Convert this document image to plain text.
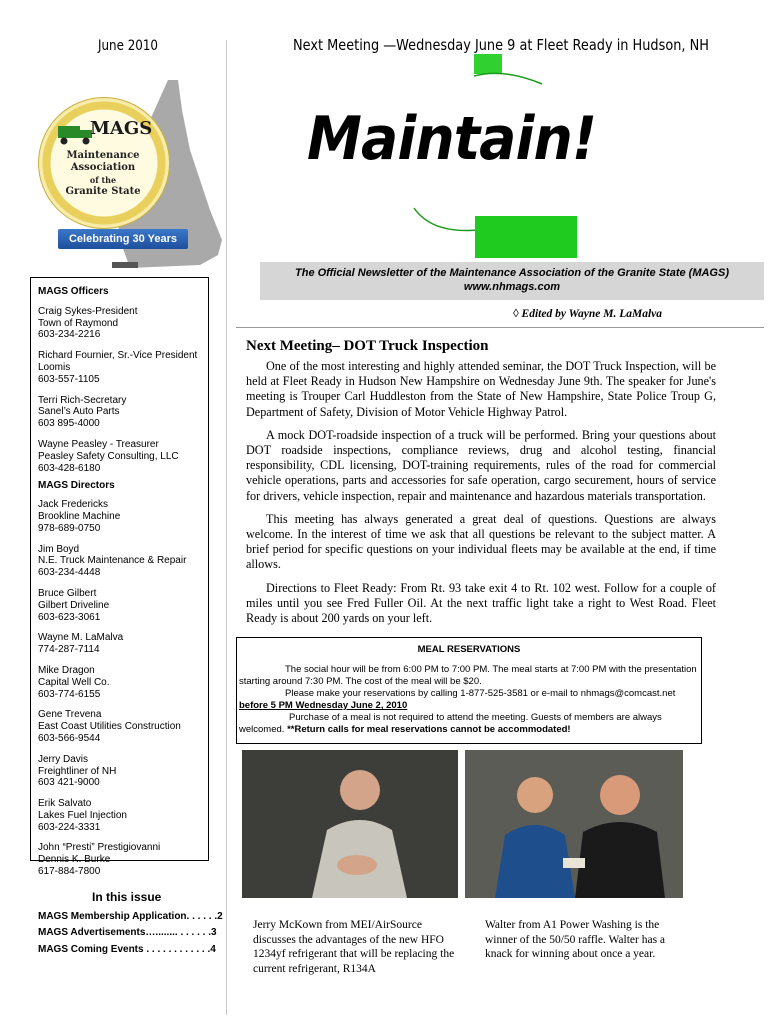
June 2010	Next Meeting —Wednesday June 9 at Fleet Ready in Hudson, NH
MAGS
Maintenance
Association
of the
Granite State
Celebrating 30 Years
Maintain!
The Official Newsletter of the Maintenance Association of the Granite State (MAGS)
www.nhmags.com
MAGS Officers
Craig Sykes-President
Town of Raymond
603-234-2216
Richard Fournier, Sr.-Vice President
Loomis
603-557-1105
Terri Rich-Secretary
Sanel’s Auto Parts
603 895-4000
Wayne Peasley - Treasurer
Peasley Safety Consulting, LLC
603-428-6180
MAGS Directors
Jack Fredericks
Brookline Machine
978-689-0750
Jim Boyd
N.E. Truck Maintenance & Repair
603-234-4448
Bruce Gilbert
Gilbert Driveline
603-623-3061
Wayne M. LaMalva
774-287-7114
Mike Dragon
Capital Well Co.
603-774-6155
Gene Trevena
East Coast Utilities Construction
603-566-9544
Jerry Davis
Freightliner of NH
603 421-9000
Erik Salvato
Lakes Fuel Injection
603-224-3331
John “Presti” Prestigiovanni
Dennis K. Burke
617-884-7800
◊ Edited by Wayne M. LaMalva
Next Meeting– DOT Truck Inspection

One of the most interesting and highly attended seminar, the DOT Truck Inspection, will be held at Fleet Ready in Hudson New Hampshire on Wednesday June 9th. The speaker for June's meeting is Trouper Carl Huddleston from the State of New Hampshire, State Police Troup G, Department of Safety, Division of Motor Vehicle Highway Patrol.

A mock DOT-roadside inspection of a truck will be performed. Bring your questions about DOT roadside inspections, compliance reviews, drug and alcohol testing, financial responsibility, CDL licensing, DOT-training requirements, rules of the road for commercial vehicle operations, parts and accessories for safe operation, cargo securement, hours of service for drivers, vehicle inspection, repair and maintenance and hazardous materials transportation.

This meeting has always generated a great deal of questions. Questions are always welcome. In the interest of time we ask that all questions be relevant to the subject matter. A brief period for specific questions on your individual fleets may be available at the end, if time allows.

Directions to Fleet Ready: From Rt. 93 take exit 4 to Rt. 102 west. Follow for a couple of miles until you see Fred Fuller Oil. At the next traffic light take a right to West Road. Fleet Ready is about 200 yards on your left.

MEAL RESERVATIONS
The social hour will be from 6:00 PM to 7:00 PM. The meal starts at 7:00 PM with the presentation starting around 7:30 PM. The cost of the meal will be $20.
Please make your reservations by calling 1-877-525-3581 or e-mail to nhmags@comcast.net
before 5 PM Wednesday June 2, 2010
Purchase of a meal is not required to attend the meeting. Guests of members are always welcomed. **Return calls for meal reservations cannot be accommodated!
Jerry McKown from MEI/AirSource discusses the advantages of the new HFO 1234yf refrigerant that will be replacing the current refrigerant, R134A
Walter from A1 Power Washing is the winner of the 50/50 raffle. Walter has a knack for winning about once a year.
In this issue
MAGS Membership Application. . . . . .2
MAGS Advertisements…........ . . . . . .3
MAGS Coming Events . . . . . . . . . . . .4
